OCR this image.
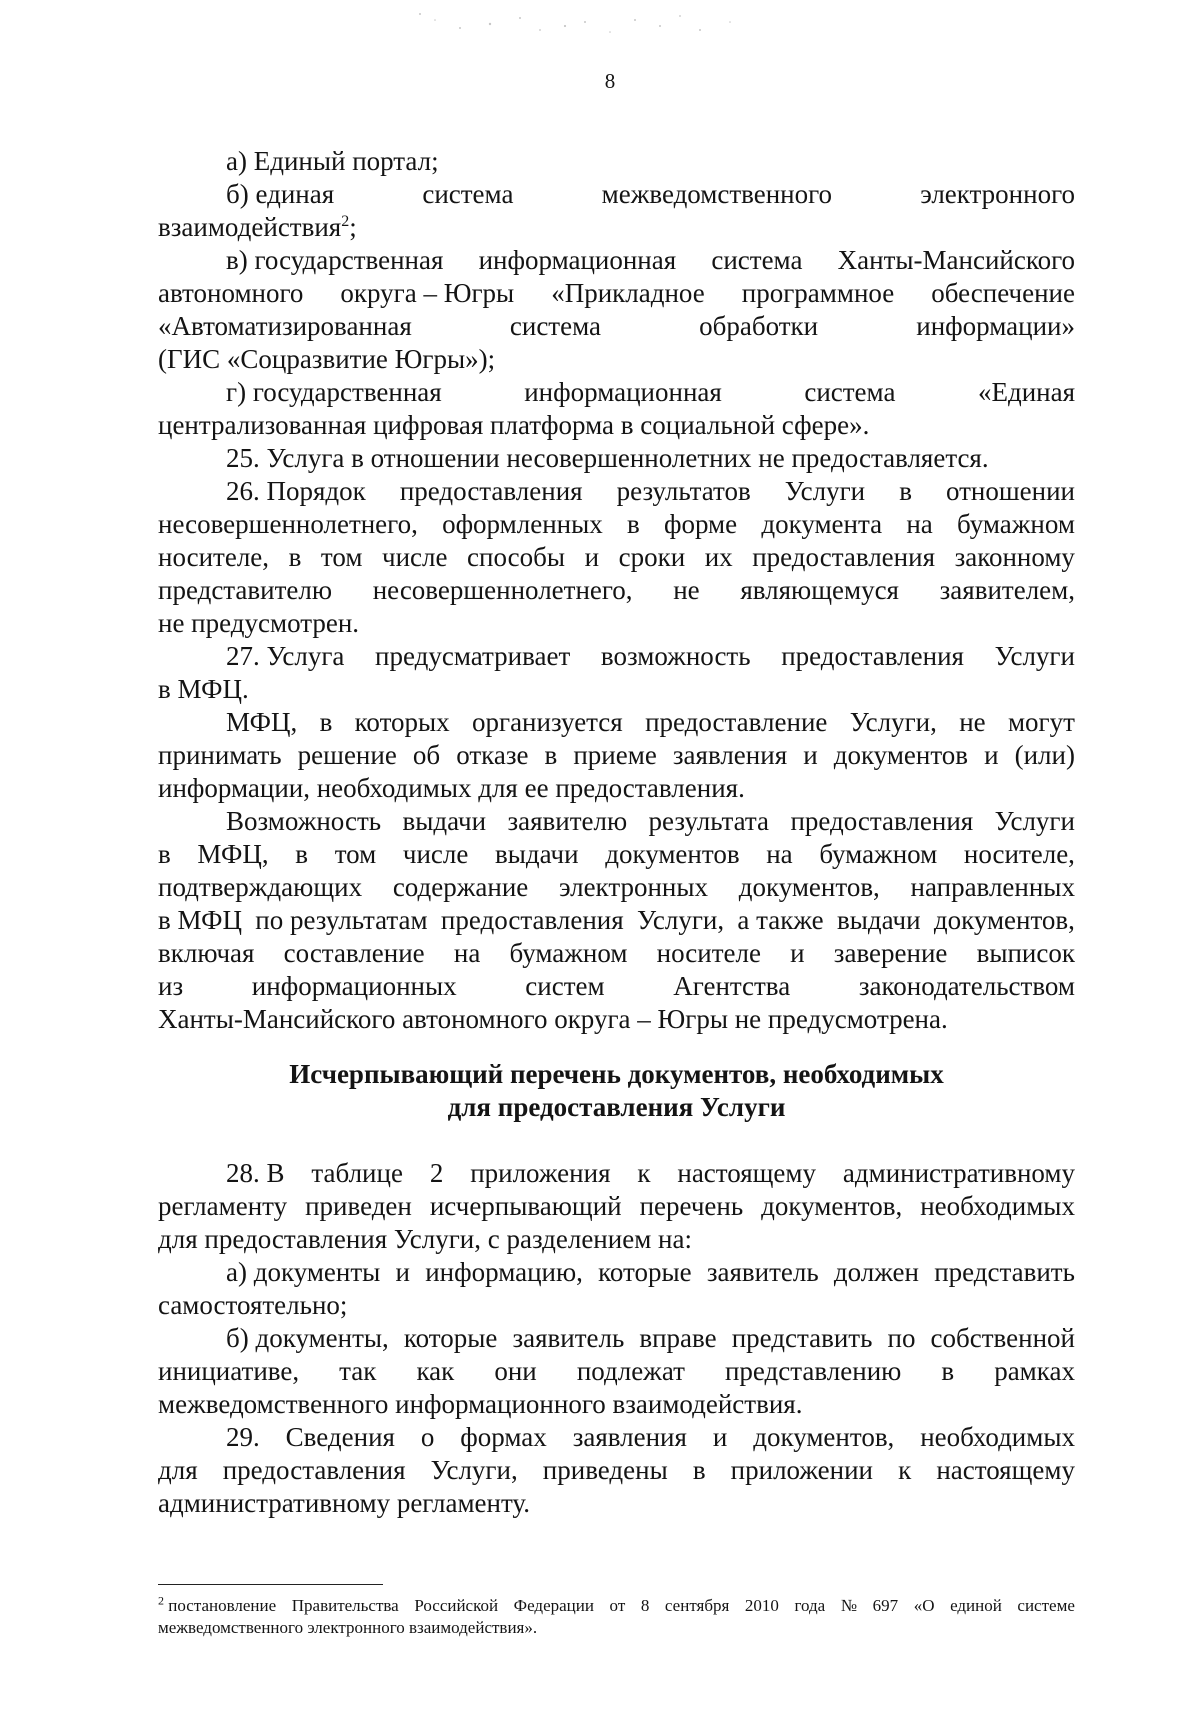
8
а) Единый портал;
б) единая	система	межведомственного	электронного
взаимодействия$^2$;
в) государственная информационная система Ханты-Мансийского
автономного округа – Югры «Прикладное программное обеспечение
«Автоматизированная	система	обработки	информации»
(ГИС «Соцразвитие Югры»);
г) государственная	информационная	система	«Единая
централизованная цифровая платформа в социальной сфере».
25. Услуга в отношении несовершеннолетних не предоставляется.
26. Порядок предоставления результатов Услуги в отношении
несовершеннолетнего, оформленных в форме документа на бумажном
носителе, в том числе способы и сроки их предоставления законному
представителю несовершеннолетнего, не являющемуся заявителем,
не предусмотрен.
27. Услуга предусматривает возможность предоставления Услуги
в МФЦ.
МФЦ, в которых организуется предоставление Услуги, не могут
принимать решение об отказе в приеме заявления и документов и (или)
информации, необходимых для ее предоставления.
Возможность выдачи заявителю результата предоставления Услуги
в МФЦ, в том числе выдачи документов на бумажном носителе,
подтверждающих содержание электронных документов, направленных
в МФЦ по результатам предоставления Услуги, а также выдачи документов,
включая составление на бумажном носителе и заверение выписок
из	информационных	систем	Агентства	законодательством
Ханты-Мансийского автономного округа – Югры не предусмотрена.
Исчерпывающий перечень документов, необходимых
для предоставления Услуги
28. В таблице 2 приложения к настоящему административному
регламенту приведен исчерпывающий перечень документов, необходимых
для предоставления Услуги, с разделением на:
а) документы и информацию, которые заявитель должен представить
самостоятельно;
б) документы, которые заявитель вправе представить по собственной
инициативе, так как они подлежат представлению в рамках
межведомственного информационного взаимодействия.
29. Сведения о формах заявления и документов, необходимых
для предоставления Услуги, приведены в приложении к настоящему
административному регламенту.
$^2$ постановление Правительства Российской Федерации от 8 сентября 2010 года № 697 «О единой системе
межведомственного электронного взаимодействия».
